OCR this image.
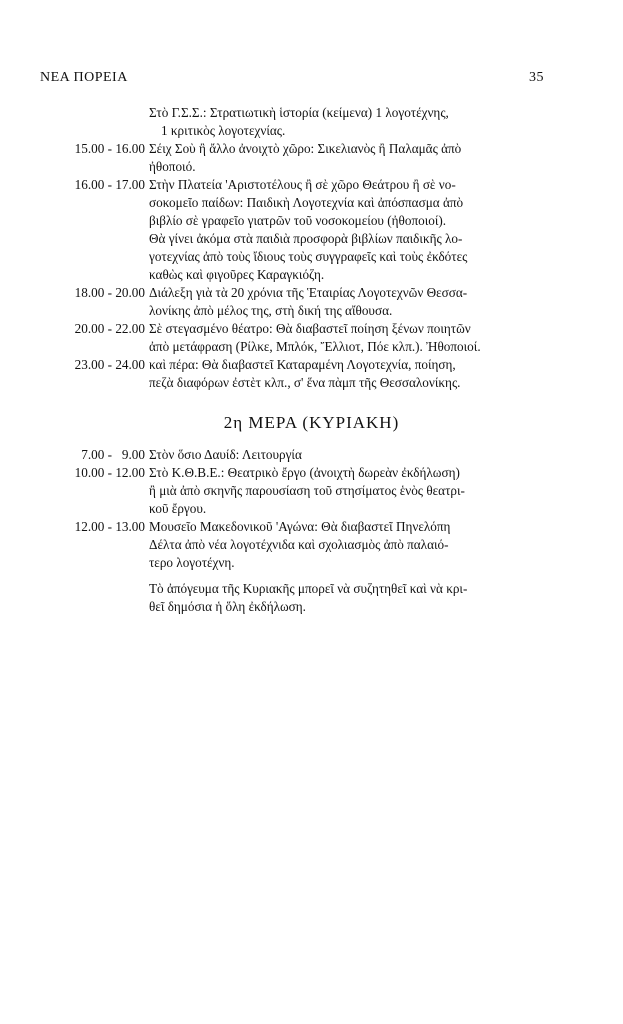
ΝΕΑ ΠΟΡΕΙΑ	35
Στὸ Γ.Σ.Σ.: Στρατιωτικὴ ἱστορία (κείμενα) 1 λογοτέχνης,
1 κριτικὸς λογοτεχνίας.
15.00 - 16.00 Σέιχ Σοὺ ἢ ἄλλο ἀνοιχτὸ χῶρο: Σικελιανὸς ἢ Παλαμᾶς ἀπὸ
ἠθοποιό.
16.00 - 17.00 Στὴν Πλατεία 'Αριστοτέλους ἢ σὲ χῶρο Θεάτρου ἢ σὲ νο-
σοκομεῖο παίδων: Παιδικὴ Λογοτεχνία καὶ ἀπόσπασμα ἀπὸ
βιβλίο σὲ γραφεῖο γιατρῶν τοῦ νοσοκομείου (ἠθοποιοί).
Θὰ γίνει ἀκόμα στὰ παιδιὰ προσφορὰ βιβλίων παιδικῆς λο-
γοτεχνίας ἀπὸ τοὺς ἴδιους τοὺς συγγραφεῖς καὶ τοὺς ἐκδότες
καθὼς καὶ φιγοῦρες Καραγκιόζη.
18.00 - 20.00 Διάλεξη γιὰ τὰ 20 χρόνια τῆς Ἑταιρίας Λογοτεχνῶν Θεσσα-
λονίκης ἀπὸ μέλος της, στὴ δική της αἴθουσα.
20.00 - 22.00 Σὲ στεγασμένο θέατρο: Θὰ διαβαστεῖ ποίηση ξένων ποιητῶν
ἀπὸ μετάφραση (Ρίλκε, Μπλόκ, Ἔλλιοτ, Πόε κλπ.). Ἠθοποιοί.
23.00 - 24.00 καὶ πέρα: Θὰ διαβαστεῖ Καταραμένη Λογοτεχνία, ποίηση,
πεζὰ διαφόρων ἐστὲτ κλπ., σ' ἕνα πὰμπ τῆς Θεσσαλονίκης.
2η ΜΕΡΑ (ΚΥΡΙΑΚΗ)
7.00 -   9.00 Στὸν ὅσιο Δαυίδ: Λειτουργία
10.00 - 12.00 Στὸ Κ.Θ.Β.Ε.: Θεατρικὸ ἔργο (ἀνοιχτὴ δωρεὰν ἐκδήλωση)
ἢ μιὰ ἀπὸ σκηνῆς παρουσίαση τοῦ στησίματος ἑνὸς θεατρι-
κοῦ ἔργου.
12.00 - 13.00 Μουσεῖο Μακεδονικοῦ 'Αγώνα: Θὰ διαβαστεῖ Πηνελόπη
Δέλτα ἀπὸ νέα λογοτέχνιδα καὶ σχολιασμὸς ἀπὸ παλαιό-
τερο λογοτέχνη.
Τὸ ἀπόγευμα τῆς Κυριακῆς μπορεῖ νὰ συζητηθεῖ καὶ νὰ κρι-
θεῖ δημόσια ἡ ὅλη ἐκδήλωση.
